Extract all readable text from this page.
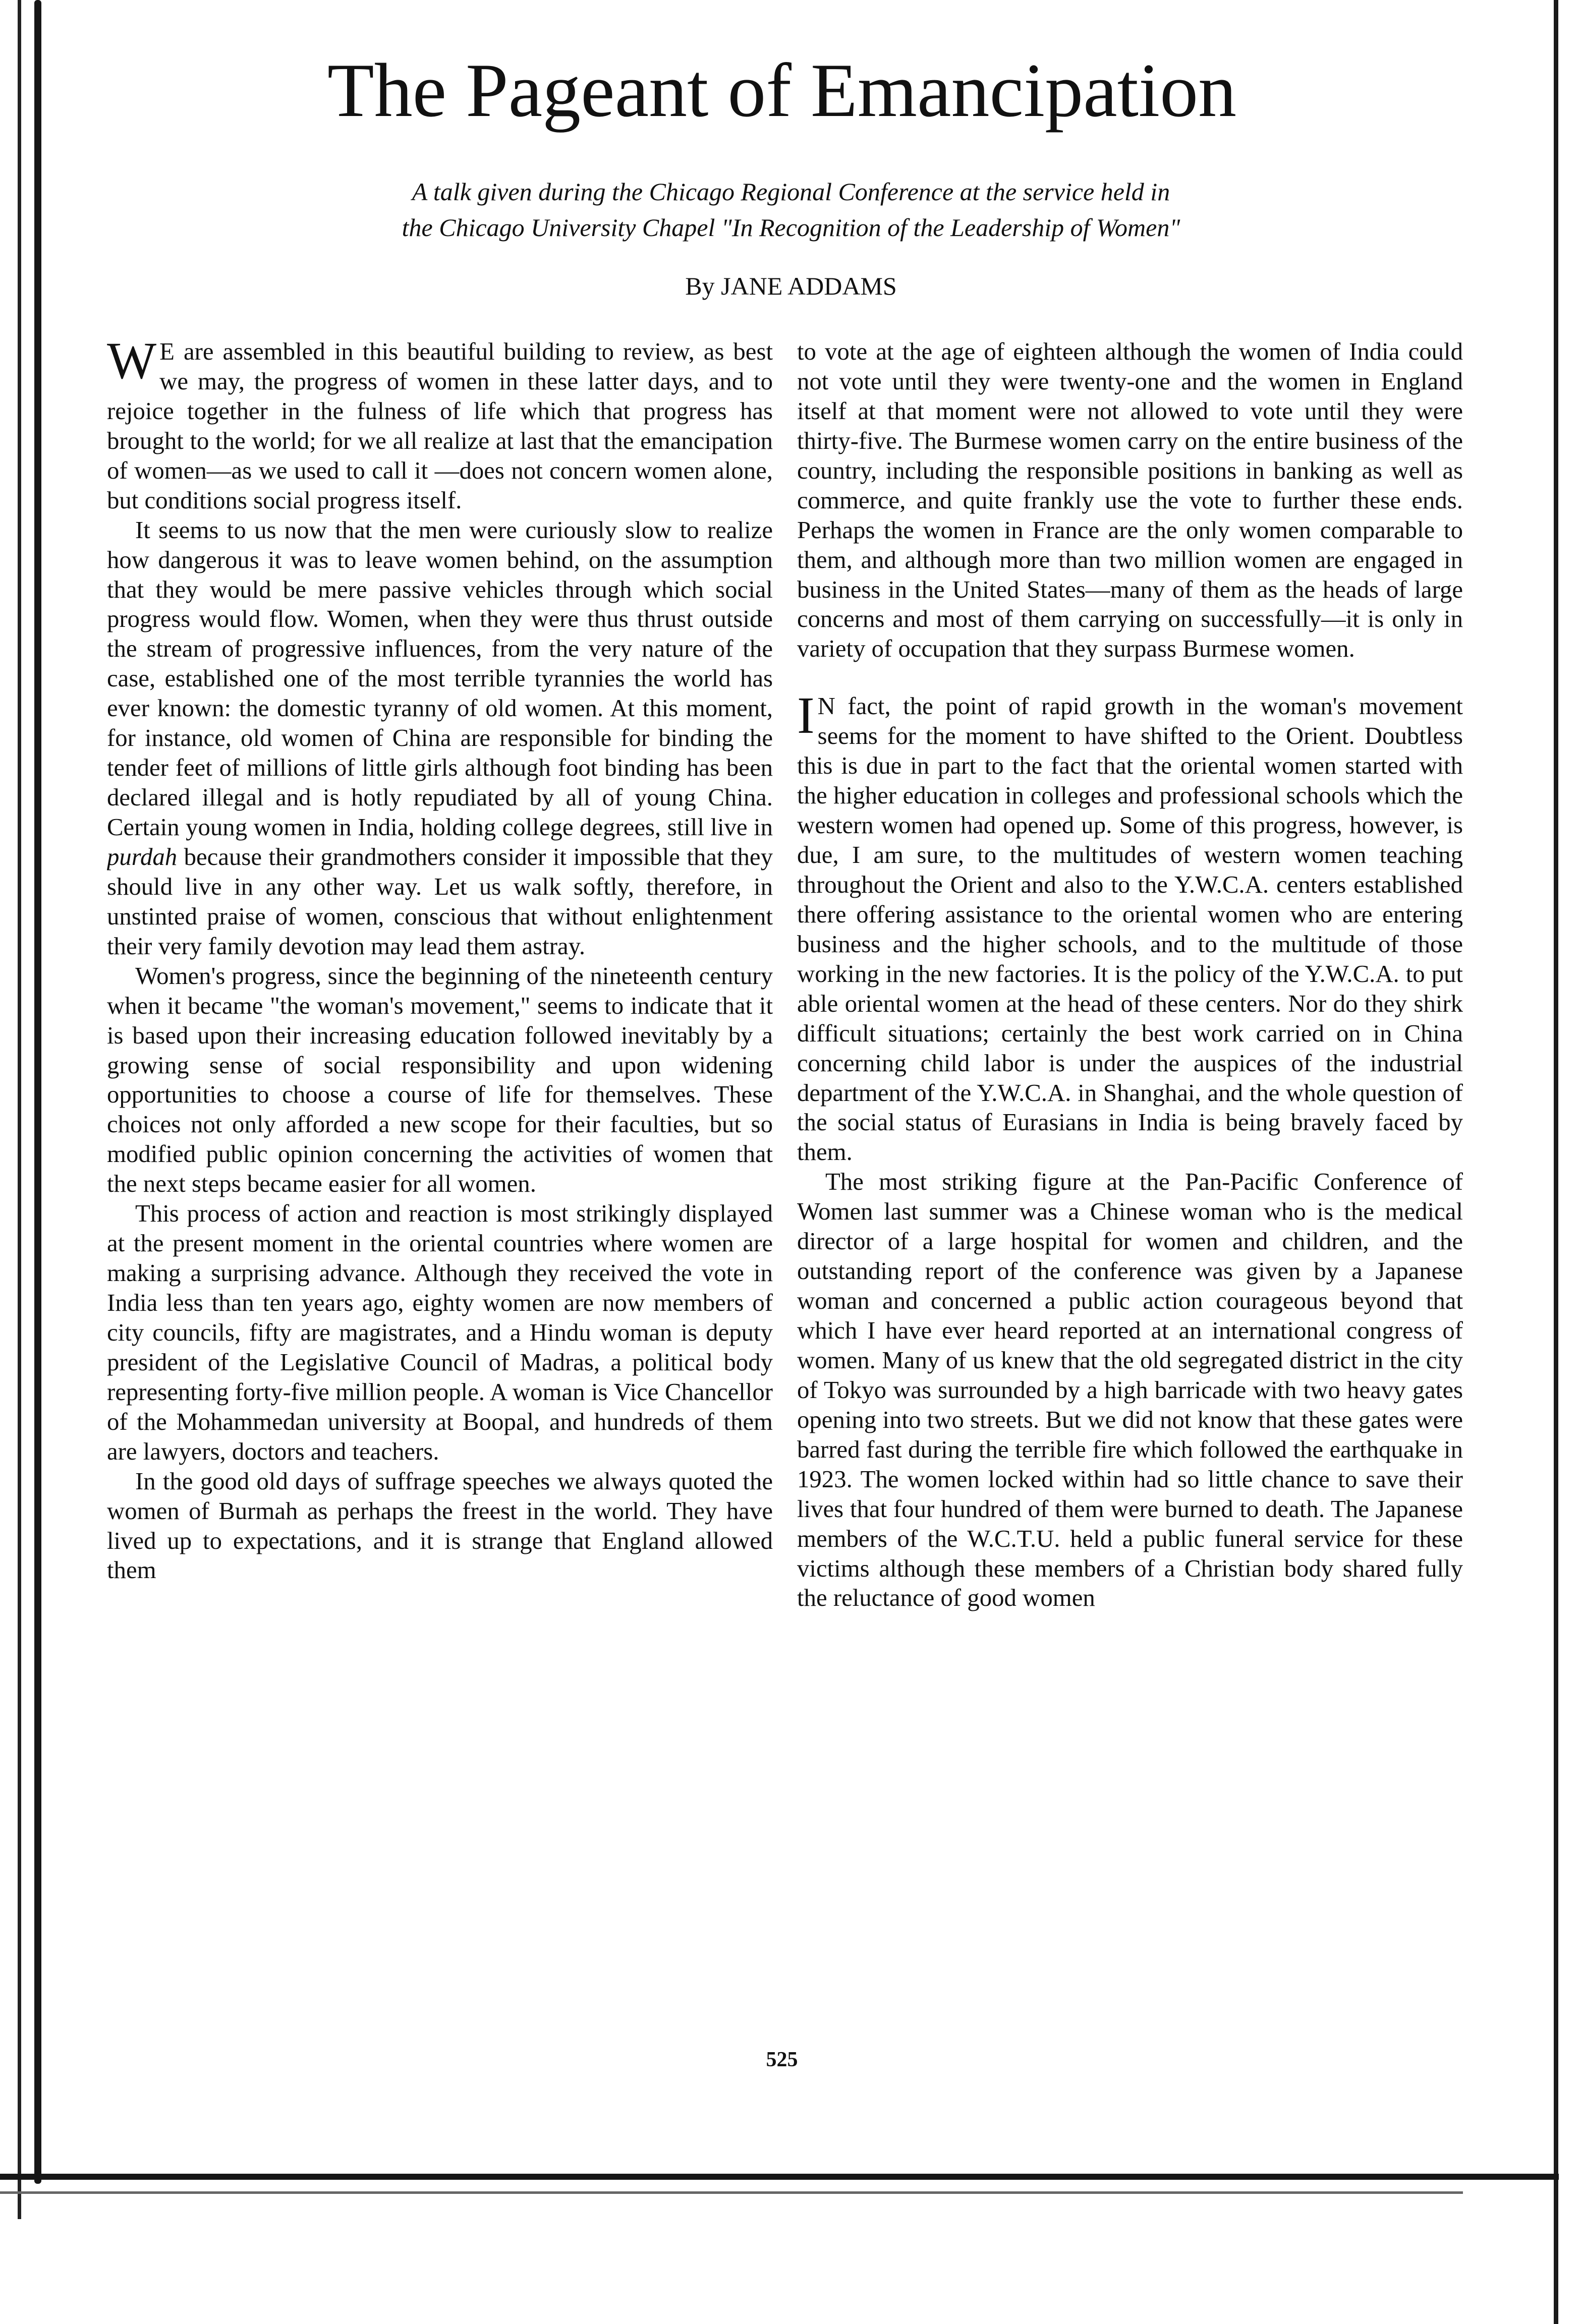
The Pageant of Emancipation
A talk given during the Chicago Regional Conference at the service held in
the Chicago University Chapel "In Recognition of the Leadership of Women"
By JANE ADDAMS

W E are assembled in this beautiful building to review, as best we may, the progress of women in these latter days, and to rejoice together in the fulness of life which that progress has brought to the world; for we all realize at last that the emancipation of women—as we used to call it —does not concern women alone, but conditions social progress itself.

It seems to us now that the men were curiously slow to realize how dangerous it was to leave women behind, on the assumption that they would be mere passive vehicles through which social progress would flow. Women, when they were thus thrust outside the stream of progressive influences, from the very nature of the case, established one of the most terrible tyrannies the world has ever known: the domestic tyranny of old women. At this moment, for instance, old women of China are responsible for binding the tender feet of millions of little girls although foot binding has been declared illegal and is hotly repudiated by all of young China. Certain young women in India, holding college degrees, still live in purdah because their grandmothers consider it impossible that they should live in any other way. Let us walk softly, therefore, in unstinted praise of women, conscious that without enlightenment their very family devotion may lead them astray.

Women's progress, since the beginning of the nineteenth century when it became "the woman's movement," seems to indicate that it is based upon their increasing education followed inevitably by a growing sense of social responsibility and upon widening opportunities to choose a course of life for themselves. These choices not only afforded a new scope for their faculties, but so modified public opinion concerning the activities of women that the next steps became easier for all women.

This process of action and reaction is most strikingly displayed at the present moment in the oriental countries where women are making a surprising advance. Although they received the vote in India less than ten years ago, eighty women are now members of city councils, fifty are magistrates, and a Hindu woman is deputy president of the Legislative Council of Madras, a political body representing forty-five million people. A woman is Vice Chancellor of the Mohammedan university at Boopal, and hundreds of them are lawyers, doctors and teachers.

In the good old days of suffrage speeches we always quoted the women of Burmah as perhaps the freest in the world. They have lived up to expectations, and it is strange that England allowed them

to vote at the age of eighteen although the women of India could not vote until they were twenty-one and the women in England itself at that moment were not allowed to vote until they were thirty-five. The Burmese women carry on the entire business of the country, including the responsible positions in banking as well as commerce, and quite frankly use the vote to further these ends. Perhaps the women in France are the only women comparable to them, and although more than two million women are engaged in business in the United States—many of them as the heads of large concerns and most of them carrying on successfully—it is only in variety of occupation that they surpass Burmese women.

I N fact, the point of rapid growth in the woman's movement seems for the moment to have shifted to the Orient. Doubtless this is due in part to the fact that the oriental women started with the higher education in colleges and professional schools which the western women had opened up. Some of this progress, however, is due, I am sure, to the multitudes of western women teaching throughout the Orient and also to the Y.W.C.A. centers established there offering assistance to the oriental women who are entering business and the higher schools, and to the multitude of those working in the new factories. It is the policy of the Y.W.C.A. to put able oriental women at the head of these centers. Nor do they shirk difficult situations; certainly the best work carried on in China concerning child labor is under the auspices of the industrial department of the Y.W.C.A. in Shanghai, and the whole question of the social status of Eurasians in India is being bravely faced by them.

The most striking figure at the Pan-Pacific Conference of Women last summer was a Chinese woman who is the medical director of a large hospital for women and children, and the outstanding report of the conference was given by a Japanese woman and concerned a public action courageous beyond that which I have ever heard reported at an international congress of women. Many of us knew that the old segregated district in the city of Tokyo was surrounded by a high barricade with two heavy gates opening into two streets. But we did not know that these gates were barred fast during the terrible fire which followed the earthquake in 1923. The women locked within had so little chance to save their lives that four hundred of them were burned to death. The Japanese members of the W.C.T.U. held a public funeral service for these victims although these members of a Christian body shared fully the reluctance of good women

525
